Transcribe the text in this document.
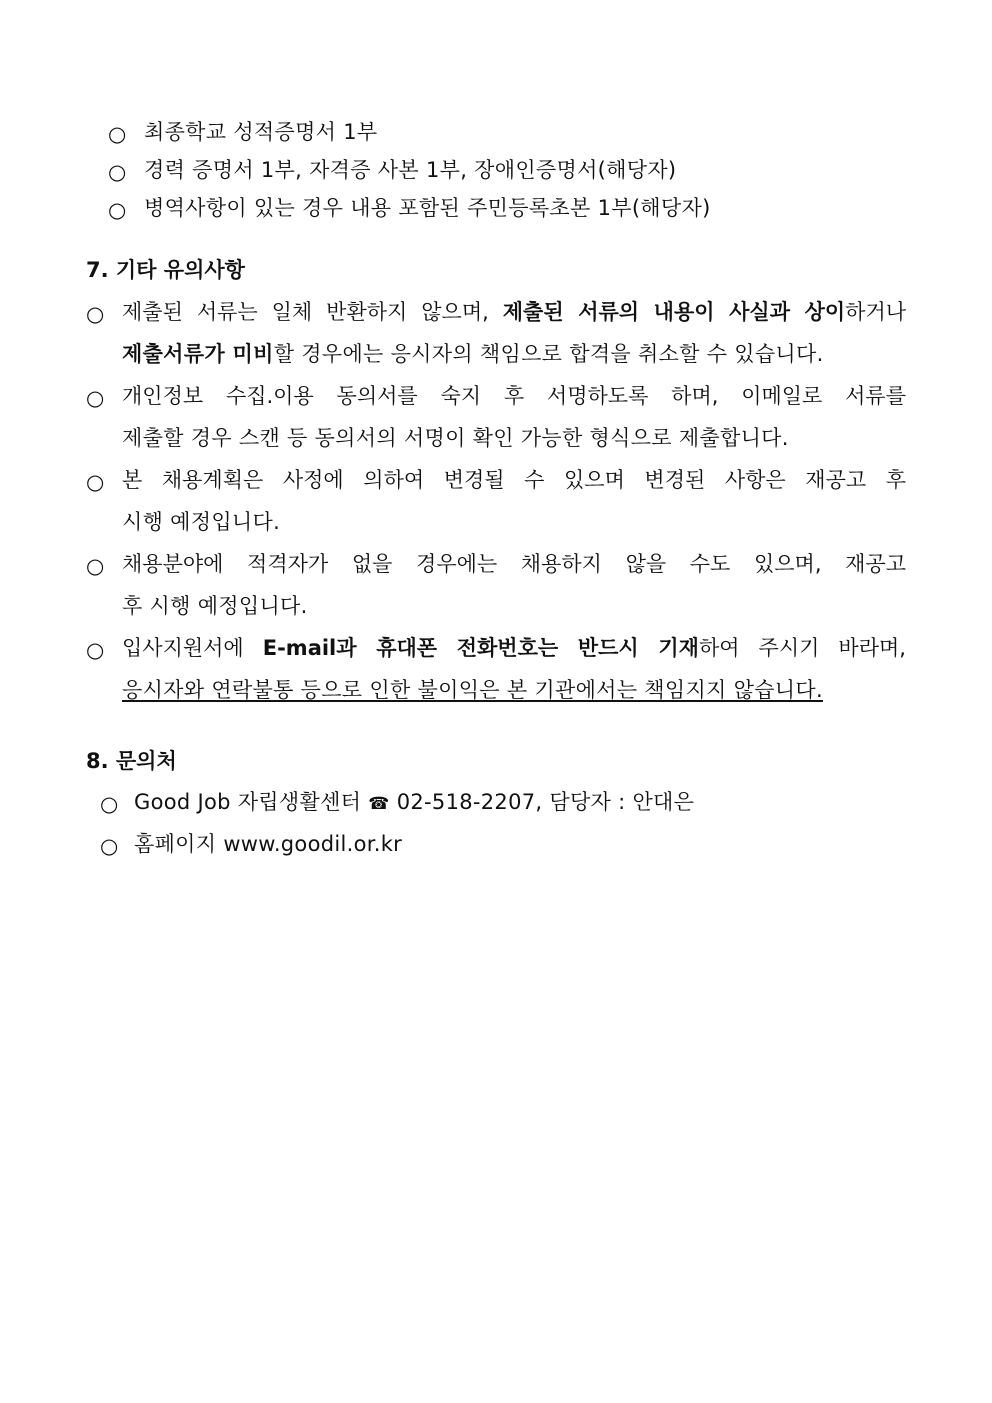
○ 최종학교 성적증명서 1부
○ 경력 증명서 1부, 자격증 사본 1부, 장애인증명서(해당자)
○ 병역사항이 있는 경우 내용 포함된 주민등록초본 1부(해당자)
7. 기타 유의사항
○ 제출된 서류는 일체 반환하지 않으며, 제출된 서류의 내용이 사실과 상이하거나
제출서류가 미비할 경우에는 응시자의 책임으로 합격을 취소할 수 있습니다.
○ 개인정보 수집.이용 동의서를 숙지 후 서명하도록 하며, 이메일로 서류를
제출할 경우 스캔 등 동의서의 서명이 확인 가능한 형식으로 제출합니다.
○ 본 채용계획은 사정에 의하여 변경될 수 있으며 변경된 사항은 재공고 후
시행 예정입니다.
○ 채용분야에 적격자가 없을 경우에는 채용하지 않을 수도 있으며, 재공고
후 시행 예정입니다.
○ 입사지원서에 E-mail과 휴대폰 전화번호는 반드시 기재하여 주시기 바라며,
응시자와 연락불통 등으로 인한 불이익은 본 기관에서는 책임지지 않습니다.
8. 문의처
○ Good Job 자립생활센터 ☎ 02-518-2207, 담당자 : 안대은
○ 홈페이지 www.goodil.or.kr
